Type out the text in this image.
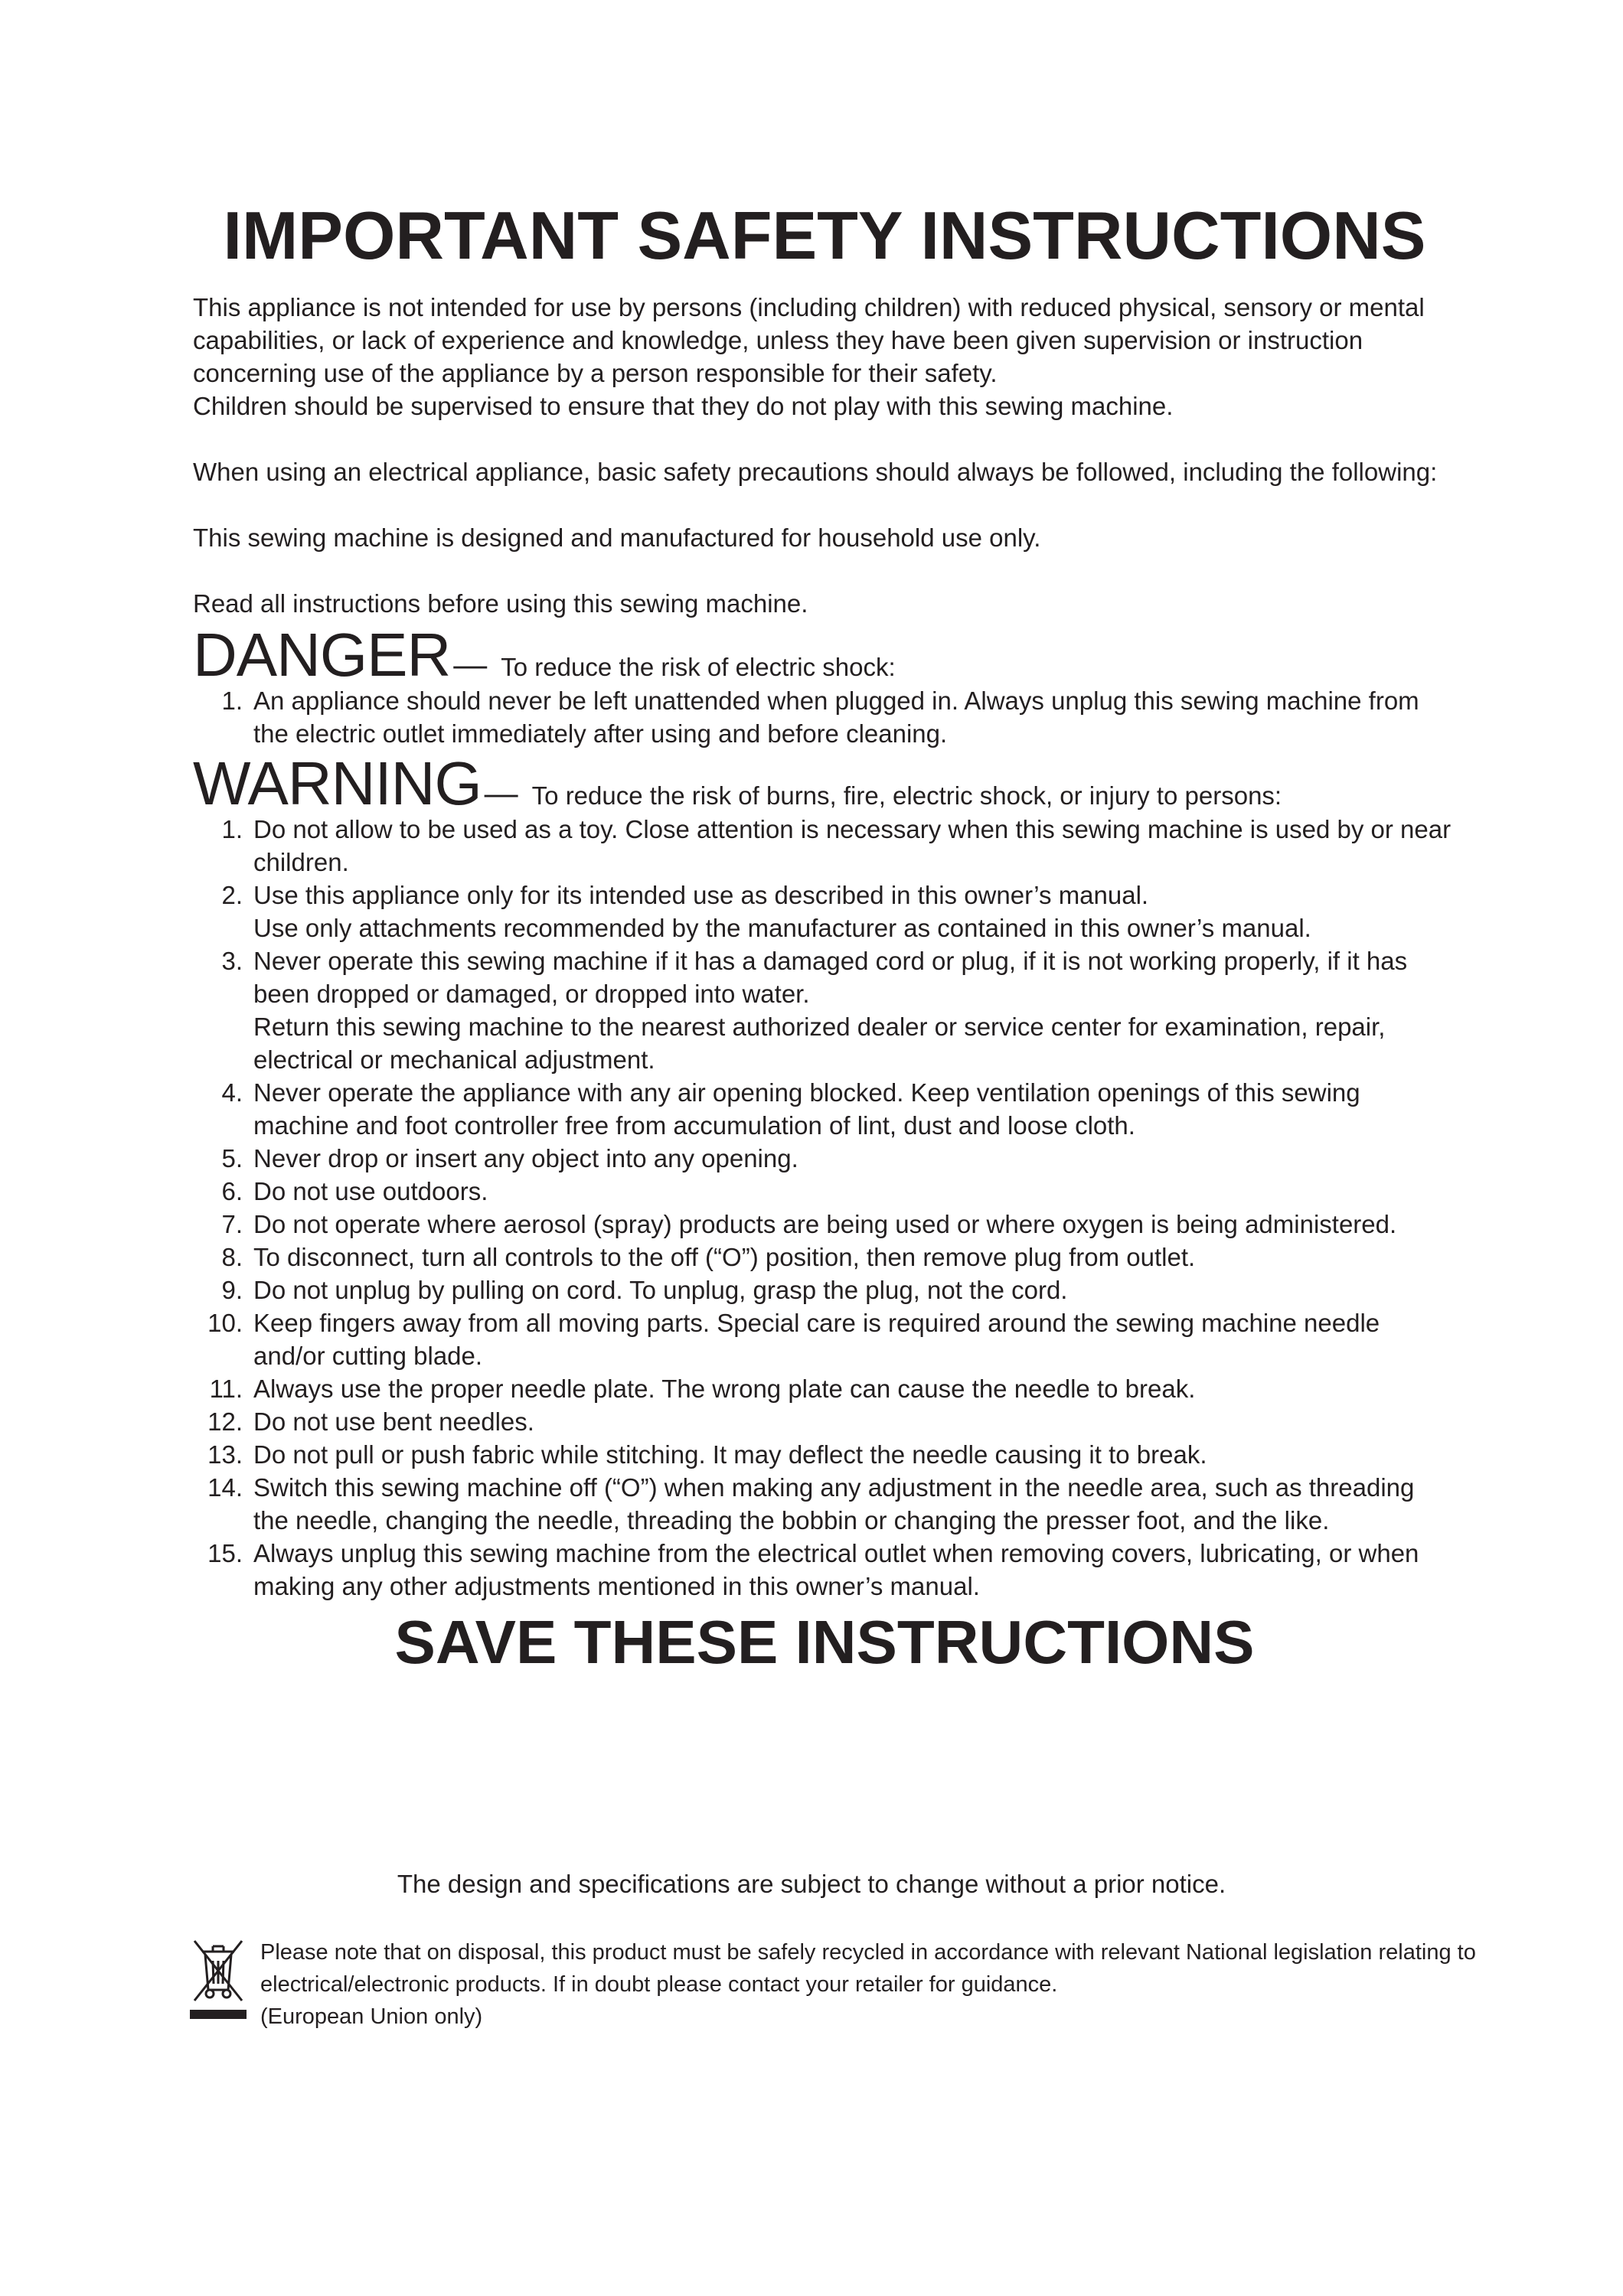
IMPORTANT SAFETY INSTRUCTIONS

This appliance is not intended for use by persons (including children) with reduced physical, sensory or mental capabilities, or lack of experience and knowledge, unless they have been given supervision or instruction concerning use of the appliance by a person responsible for their safety.

Children should be supervised to ensure that they do not play with this sewing machine.

When using an electrical appliance, basic safety precautions should always be followed, including the following:

This sewing machine is designed and manufactured for household use only.

Read all instructions before using this sewing machine.

DANGER — To reduce the risk of electric shock:
1. An appliance should never be left unattended when plugged in. Always unplug this sewing machine from the electric outlet immediately after using and before cleaning.
WARNING — To reduce the risk of burns, fire, electric shock, or injury to persons:
1. Do not allow to be used as a toy. Close attention is necessary when this sewing machine is used by or near children.
2. Use this appliance only for its intended use as described in this owner’s manual.
Use only attachments recommended by the manufacturer as contained in this owner’s manual.
3. Never operate this sewing machine if it has a damaged cord or plug, if it is not working properly, if it has been dropped or damaged, or dropped into water.
Return this sewing machine to the nearest authorized dealer or service center for examination, repair, electrical or mechanical adjustment.
4. Never operate the appliance with any air opening blocked. Keep ventilation openings of this sewing machine and foot controller free from accumulation of lint, dust and loose cloth.
5. Never drop or insert any object into any opening.
6. Do not use outdoors.
7. Do not operate where aerosol (spray) products are being used or where oxygen is being administered.
8. To disconnect, turn all controls to the off (“O”) position, then remove plug from outlet.
9. Do not unplug by pulling on cord. To unplug, grasp the plug, not the cord.
10. Keep fingers away from all moving parts. Special care is required around the sewing machine needle and/or cutting blade.
11. Always use the proper needle plate. The wrong plate can cause the needle to break.
12. Do not use bent needles.
13. Do not pull or push fabric while stitching. It may deflect the needle causing it to break.
14. Switch this sewing machine off (“O”) when making any adjustment in the needle area, such as threading the needle, changing the needle, threading the bobbin or changing the presser foot, and the like.
15. Always unplug this sewing machine from the electrical outlet when removing covers, lubricating, or when making any other adjustments mentioned in this owner’s manual.
SAVE THESE INSTRUCTIONS
The design and specifications are subject to change without a prior notice.
Please note that on disposal, this product must be safely recycled in accordance with relevant National legislation relating to electrical/electronic products. If in doubt please contact your retailer for guidance.
(European Union only)
